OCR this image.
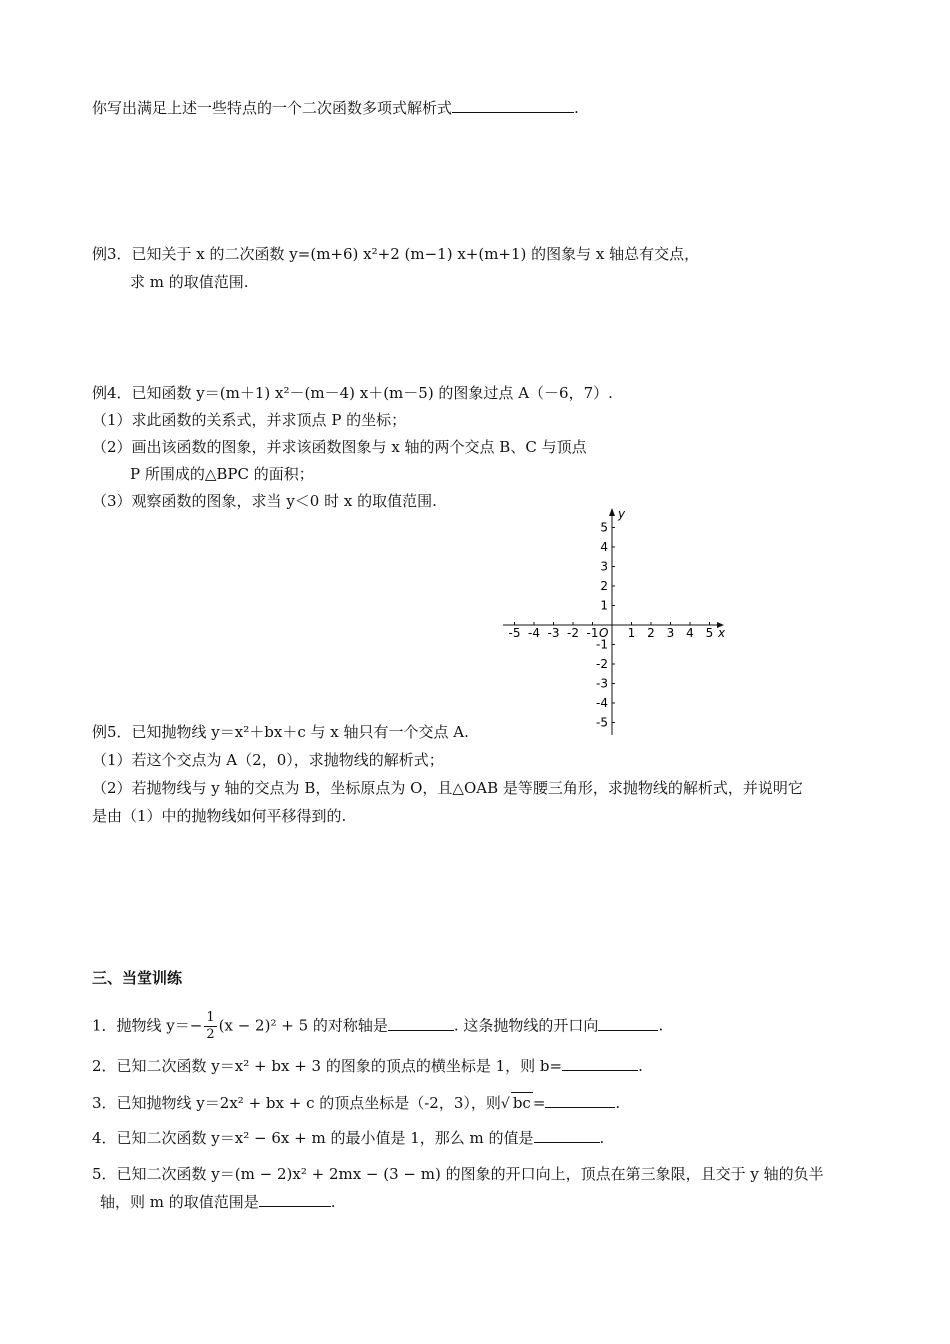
你写出满足上述一些特点的一个二次函数多项式解析式	.
例3．已知关于 x 的二次函数 y=(m+6) x²+2 (m−1) x+(m+1) 的图象与 x 轴总有交点，
求 m 的取值范围.
例4．已知函数 y＝(m＋1) x²－(m－4) x＋(m－5) 的图象过点 A（－6，7）.
（1）求此函数的关系式，并求顶点 P 的坐标；
（2）画出该函数的图象，并求该函数图象与 x 轴的两个交点 B、C 与顶点
P 所围成的△BPC 的面积；
（3）观察函数的图象，求当 y＜0 时 x 的取值范围.
x
y
O
-5 -4 -3 -2 -1 1 2 3 4 5
5
4
3
2
1
-1
-2
-3
-4
-5
例5．已知抛物线 y＝x²＋bx＋c 与 x 轴只有一个交点 A.
（1）若这个交点为 A（2，0），求抛物线的解析式；
（2）若抛物线与 y 轴的交点为 B，坐标原点为 O，且△OAB 是等腰三角形，求抛物线的解析式，并说明它
是由（1）中的抛物线如何平移得到的.
三、当堂训练
1．抛物线 $y=- \frac{1}{2} (x - 2)^2 + 5$ 的对称轴是	. 这条抛物线的开口向	.
2．已知二次函数 y＝x² + bx + 3 的图象的顶点的横坐标是 1，则 b=	.
3．已知抛物线 y＝2x² + bx + c 的顶点坐标是（-2，3），则√ bc =	.
4．已知二次函数 y＝x² − 6x + m 的最小值是 1，那么 m 的值是	.
5．已知二次函数 y＝(m − 2)x² + 2mx − (3 − m) 的图象的开口向上，顶点在第三象限，且交于 y 轴的负半
轴，则 m 的取值范围是	.
